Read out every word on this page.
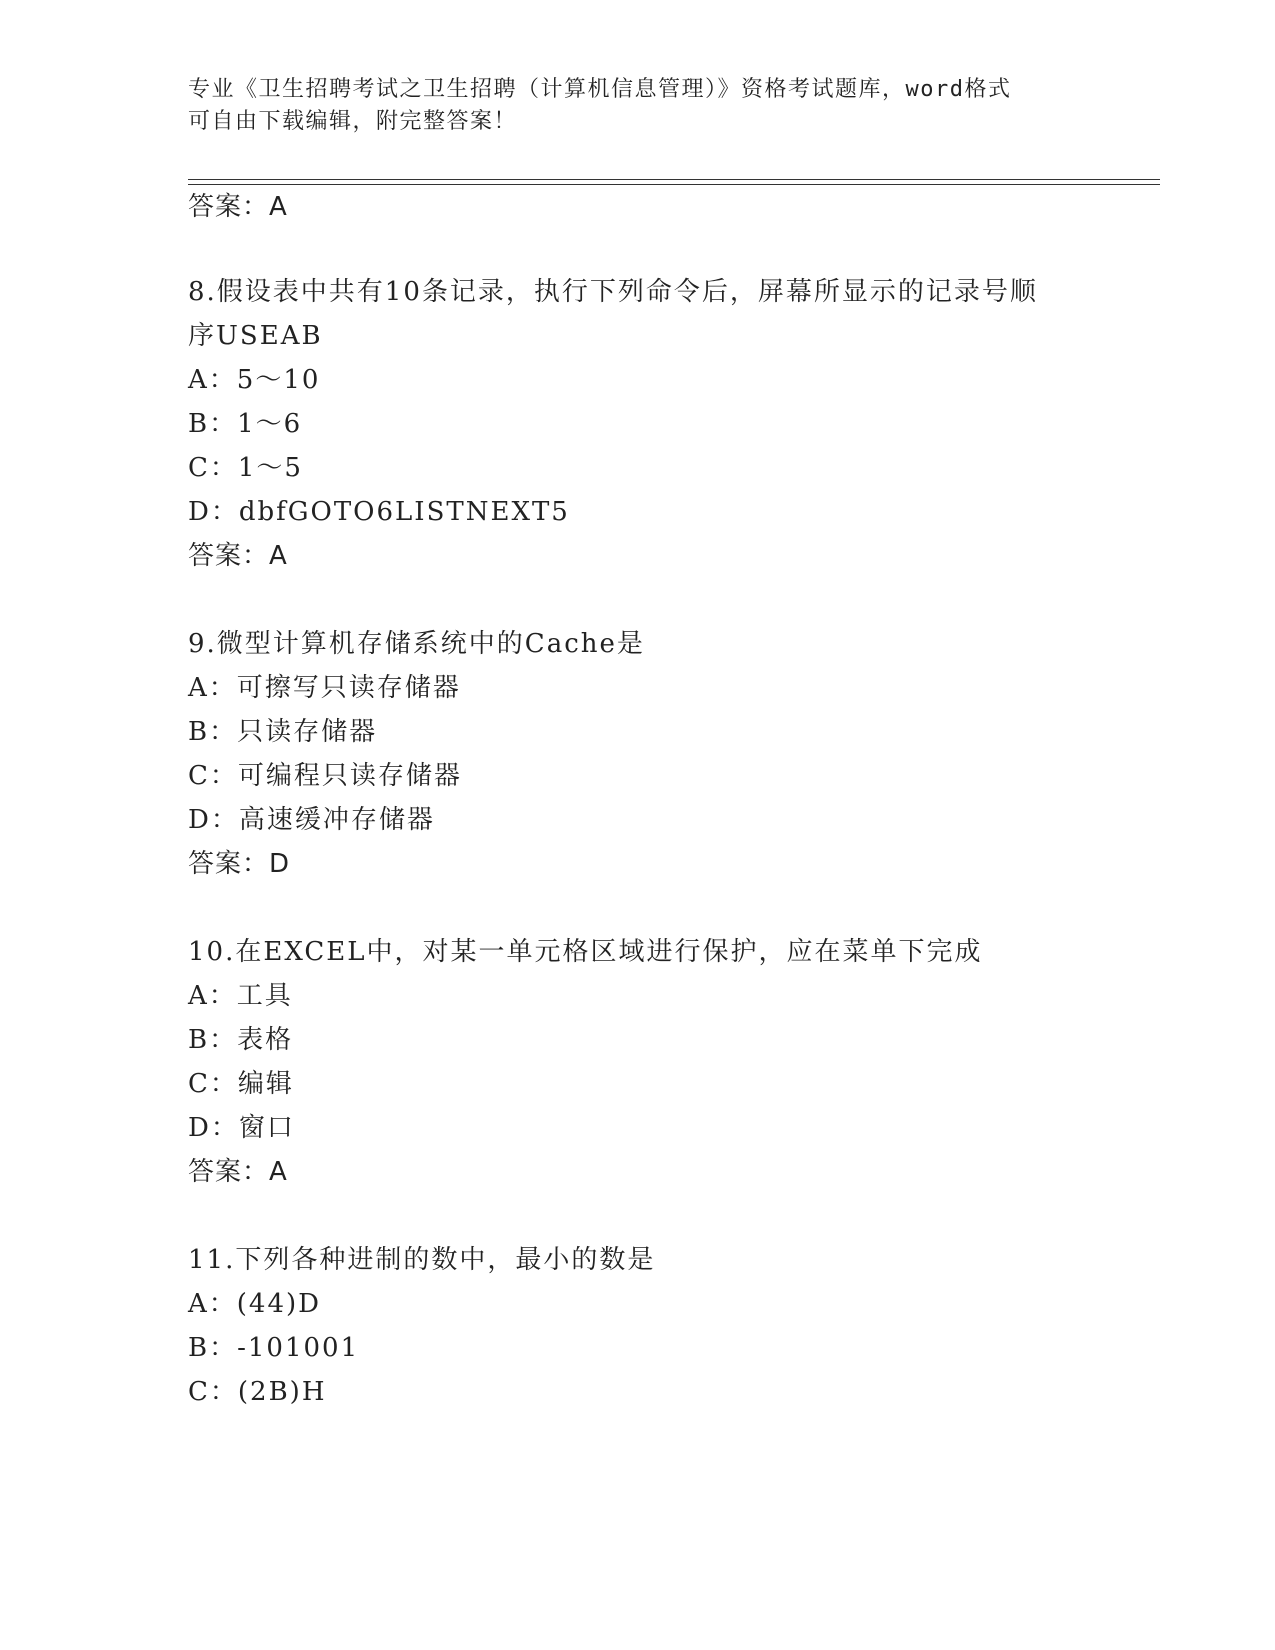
专业《卫生招聘考试之卫生招聘（计算机信息管理）》资格考试题库，word格式
可自由下载编辑，附完整答案！
答案：A
8.假设表中共有10条记录，执行下列命令后，屏幕所显示的记录号顺
序USEAB
A：5～10
B：1～6
C：1～5
D：dbfGOTO6LISTNEXT5
答案：A
9.微型计算机存储系统中的Cache是
A：可擦写只读存储器
B：只读存储器
C：可编程只读存储器
D：高速缓冲存储器
答案：D
10.在EXCEL中，对某一单元格区域进行保护，应在菜单下完成
A：工具
B：表格
C：编辑
D：窗口
答案：A
11.下列各种进制的数中，最小的数是
A：(44)D
B：-101001
C：(2B)H
